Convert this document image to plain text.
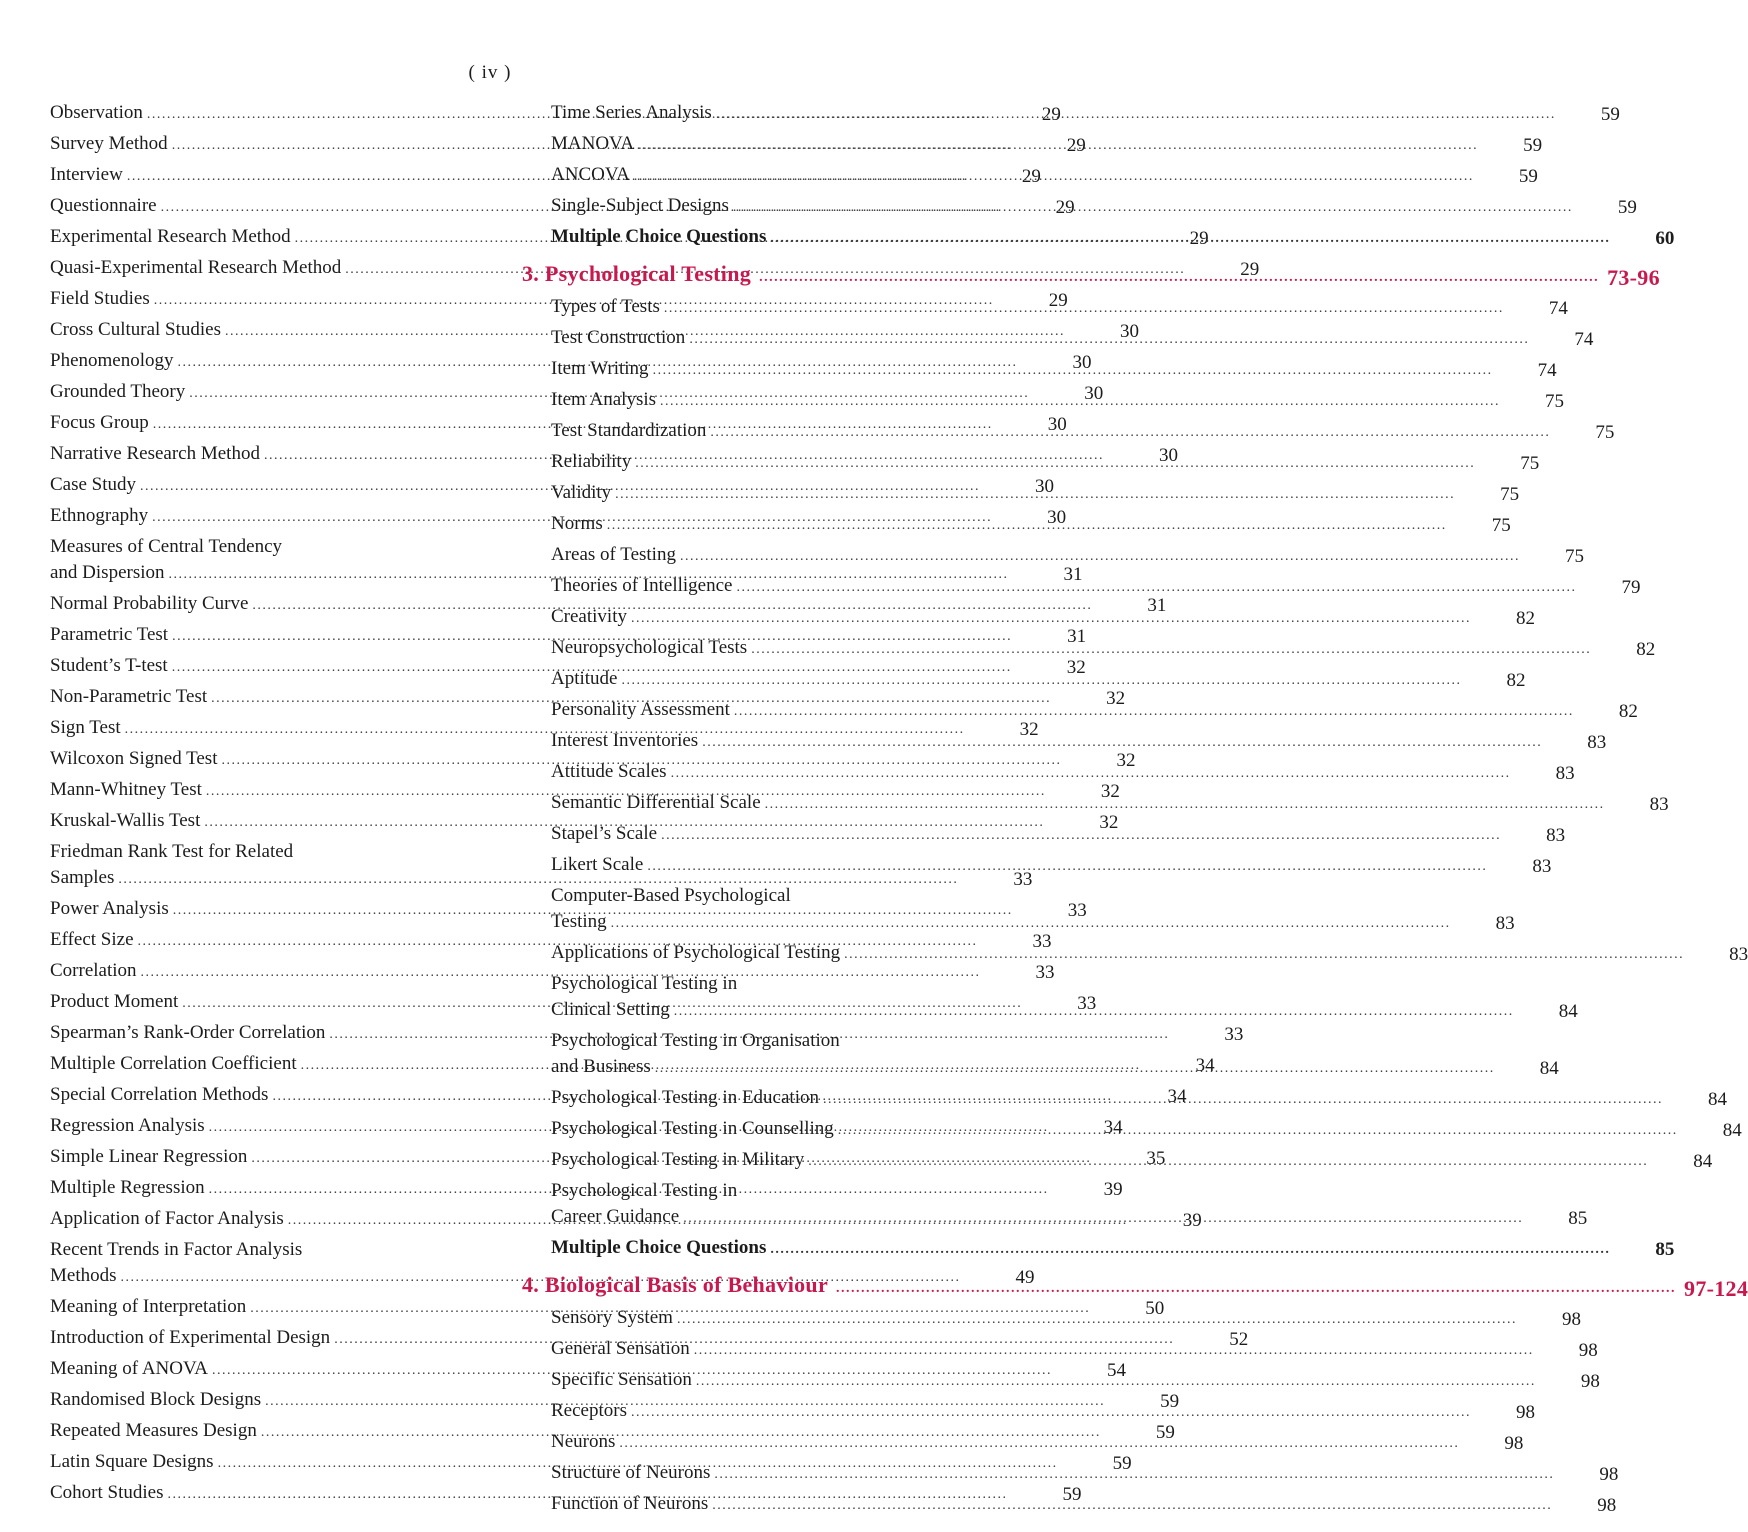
( iv )
Observation .....	29
Survey Method .....	29
Interview .....	29
Questionnaire .....	29
Experimental Research Method .....	29
Quasi-Experimental Research Method .....	29
Field Studies .....	29
Cross Cultural Studies .....	30
Phenomenology .....	30
Grounded Theory .....	30
Focus Group .....	30
Narrative Research Method .....	30
Case Study .....	30
Ethnography .....	30
Measures of Central Tendency
and Dispersion .....	31
Normal Probability Curve .....	31
Parametric Test .....	31
Student’s T-test .....	32
Non-Parametric Test .....	32
Sign Test .....	32
Wilcoxon Signed Test .....	32
Mann-Whitney Test .....	32
Kruskal-Wallis Test .....	32
Friedman Rank Test for Related
Samples .....	33
Power Analysis .....	33
Effect Size .....	33
Correlation .....	33
Product Moment .....	33
Spearman’s Rank-Order Correlation .....	33
Multiple Correlation Coefficient .....	34
Special Correlation Methods .....	34
Regression Analysis .....	34
Simple Linear Regression .....	35
Multiple Regression .....	39
Application of Factor Analysis .....	39
Recent Trends in Factor Analysis
Methods .....	49
Meaning of Interpretation .....	50
Introduction of Experimental Design .....	52
Meaning of ANOVA .....	54
Randomised Block Designs .....	59
Repeated Measures Design .....	59
Latin Square Designs .....	59
Cohort Studies .....	59
Time Series Analysis .....	59
MANOVA .....	59
ANCOVA .....	59
Single-Subject Designs .....	59
Multiple Choice Questions .....	60
3. Psychological Testing .....	73-96
Types of Tests .....	74
Test Construction .....	74
Item Writing .....	74
Item Analysis .....	75
Test Standardization .....	75
Reliability .....	75
Validity .....	75
Norms .....	75
Areas of Testing .....	75
Theories of Intelligence .....	79
Creativity .....	82
Neuropsychological Tests .....	82
Aptitude .....	82
Personality Assessment .....	82
Interest Inventories .....	83
Attitude Scales .....	83
Semantic Differential Scale .....	83
Stapel’s Scale .....	83
Likert Scale .....	83
Computer-Based Psychological
Testing .....	83
Applications of Psychological Testing .....	83
Psychological Testing in
Clinical Setting .....	84
Psychological Testing in Organisation
and Business .....	84
Psychological Testing in Education .....	84
Psychological Testing in Counselling .....	84
Psychological Testing in Military .....	84
Psychological Testing in
Career Guidance .....	85
Multiple Choice Questions .....	85
4. Biological Basis of Behaviour .....	97-124
Sensory System .....	98
General Sensation .....	98
Specific Sensation .....	98
Receptors .....	98
Neurons .....	98
Structure of Neurons .....	98
Function of Neurons .....	98
